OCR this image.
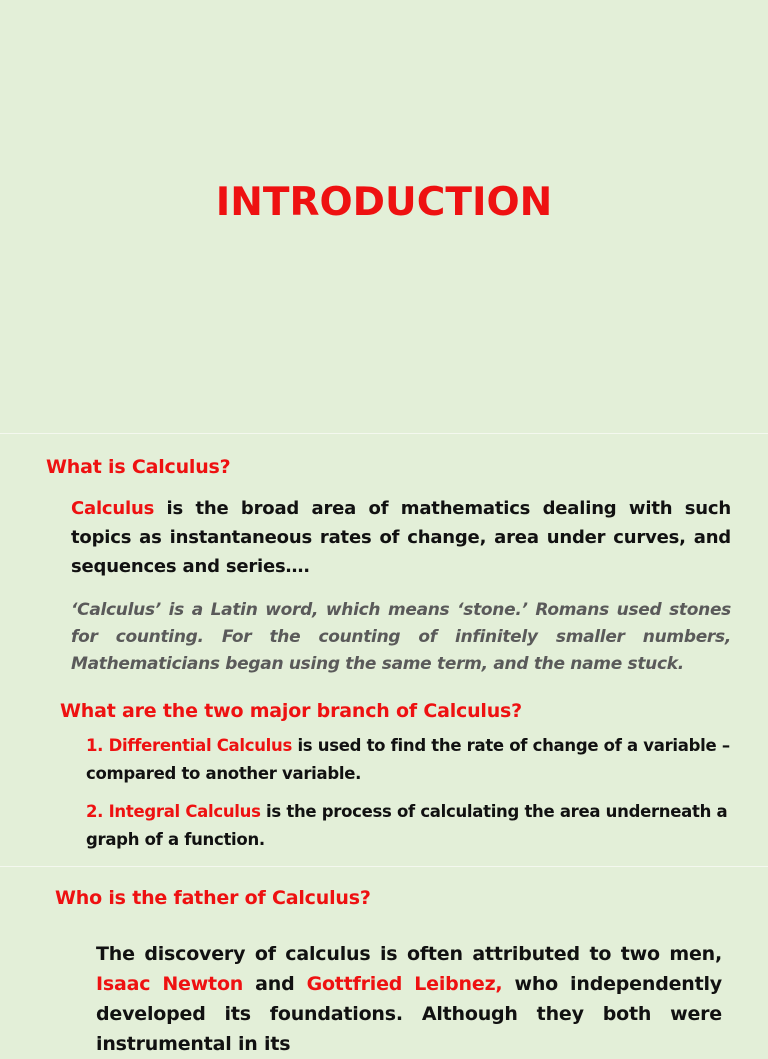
INTRODUCTION
What is Calculus?
Calculus is the broad area of mathematics dealing with such topics as instantaneous rates of change, area under curves, and sequences and series….
‘Calculus’ is a Latin word, which means ‘stone.’ Romans used stones for counting. For the counting of infinitely smaller numbers, Mathematicians began using the same term, and the name stuck.
What are the two major branch of Calculus?
1. Differential Calculus is used to find the rate of change of a variable – compared to another variable.
2. Integral Calculus is the process of calculating the area underneath a graph of a function.
Who is the father of Calculus?
The discovery of calculus is often attributed to two men, Isaac Newton and Gottfried Leibnez, who independently developed its foundations. Although they both were instrumental in its
